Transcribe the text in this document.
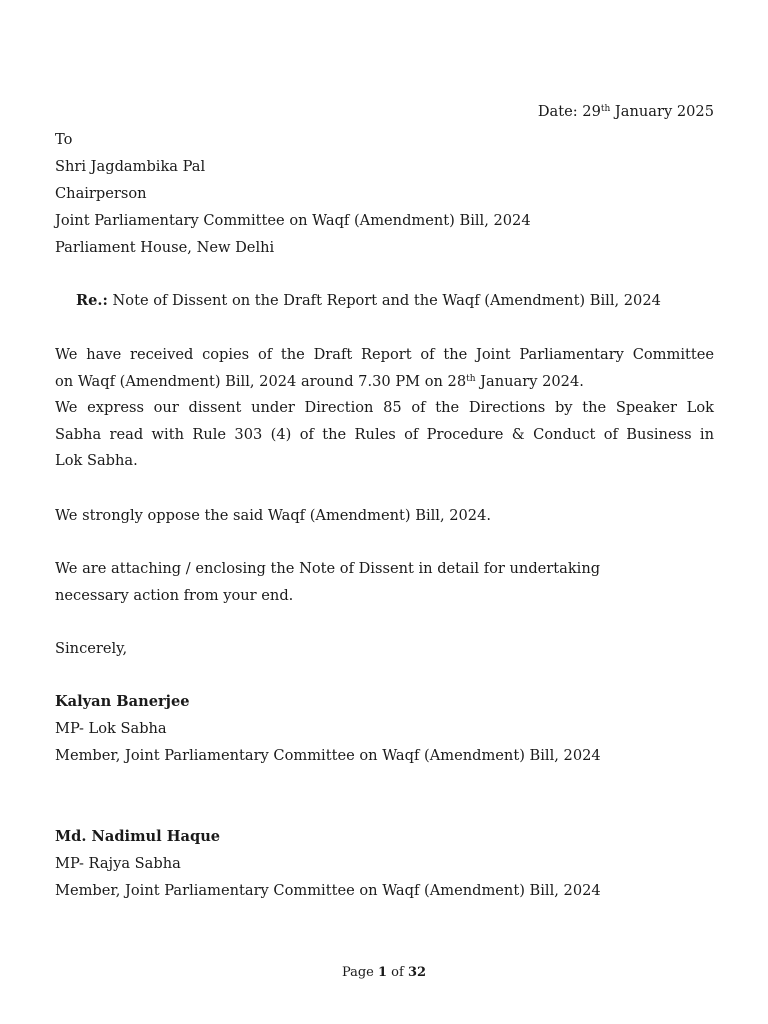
Date: 29th January 2025
To
Shri Jagdambika Pal
Chairperson
Joint Parliamentary Committee on Waqf (Amendment) Bill, 2024
Parliament House, New Delhi
Re.: Note of Dissent on the Draft Report and the Waqf (Amendment) Bill, 2024
We have received copies of the Draft Report of the Joint Parliamentary Committee
on Waqf (Amendment) Bill, 2024 around 7.30 PM on 28th January 2024.
We express our dissent under Direction 85 of the Directions by the Speaker Lok
Sabha read with Rule 303 (4) of the Rules of Procedure & Conduct of Business in
Lok Sabha.
We strongly oppose the said Waqf (Amendment) Bill, 2024.
We are attaching / enclosing the Note of Dissent in detail for undertaking
necessary action from your end.
Sincerely,
Kalyan Banerjee
MP- Lok Sabha
Member, Joint Parliamentary Committee on Waqf (Amendment) Bill, 2024
Md. Nadimul Haque
MP- Rajya Sabha
Member, Joint Parliamentary Committee on Waqf (Amendment) Bill, 2024
Page 1 of 32
